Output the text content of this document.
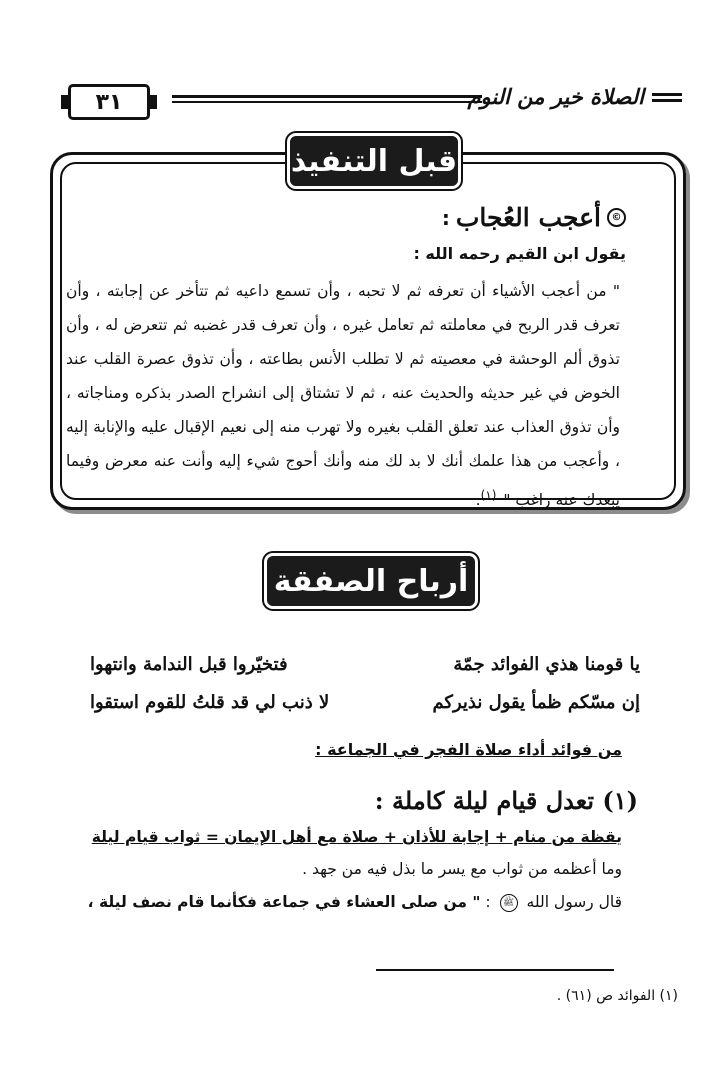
٣١	الصلاة خير من النوم
قبل التنفيذ
©
أعجب العُجاب
:
يقول ابن القيم رحمه الله :
" من أعجب الأشياء أن تعرفه ثم لا تحبه ، وأن تسمع داعيه ثم تتأخر عن إجابته ، وأن تعرف قدر الربح في معاملته ثم تعامل غيره ، وأن تعرف قدر غضبه ثم تتعرض له ، وأن تذوق ألم الوحشة في معصيته ثم لا تطلب الأنس بطاعته ، وأن تذوق عصرة القلب عند الخوض في غير حديثه والحديث عنه ، ثم لا تشتاق إلى انشراح الصدر بذكره ومناجاته ، وأن تذوق العذاب عند تعلق القلب بغيره ولا تهرب منه إلى نعيم الإقبال عليه والإنابة إليه ، وأعجب من هذا علمك أنك لا بد لك منه وأنك أحوج شيء إليه وأنت عنه معرض وفيما يبعدك عنه راغب " $^{(١)}$.
أرباح الصفقة
يا قومنا هذي الفوائد جمّة
فتخيّروا قبل الندامة وانتهوا
إن مسّكم ظمأ يقول نذيركم
لا ذنب لي قد قلتُ للقوم استقوا
من فوائد أداء صلاة الفجر في الجماعة :
(١) تعدل قيام ليلة كاملة :
يقظة من منام + إجابة للأذان + صلاة مع أهل الإيمان = ثواب قيام ليلة
وما أعظمه من ثواب مع يسر ما بذل فيه من جهد .
قال رسول الله ﷺ : " من صلى العشاء في جماعة فكأنما قام نصف ليلة ،
(١) الفوائد ص (٦١) .
